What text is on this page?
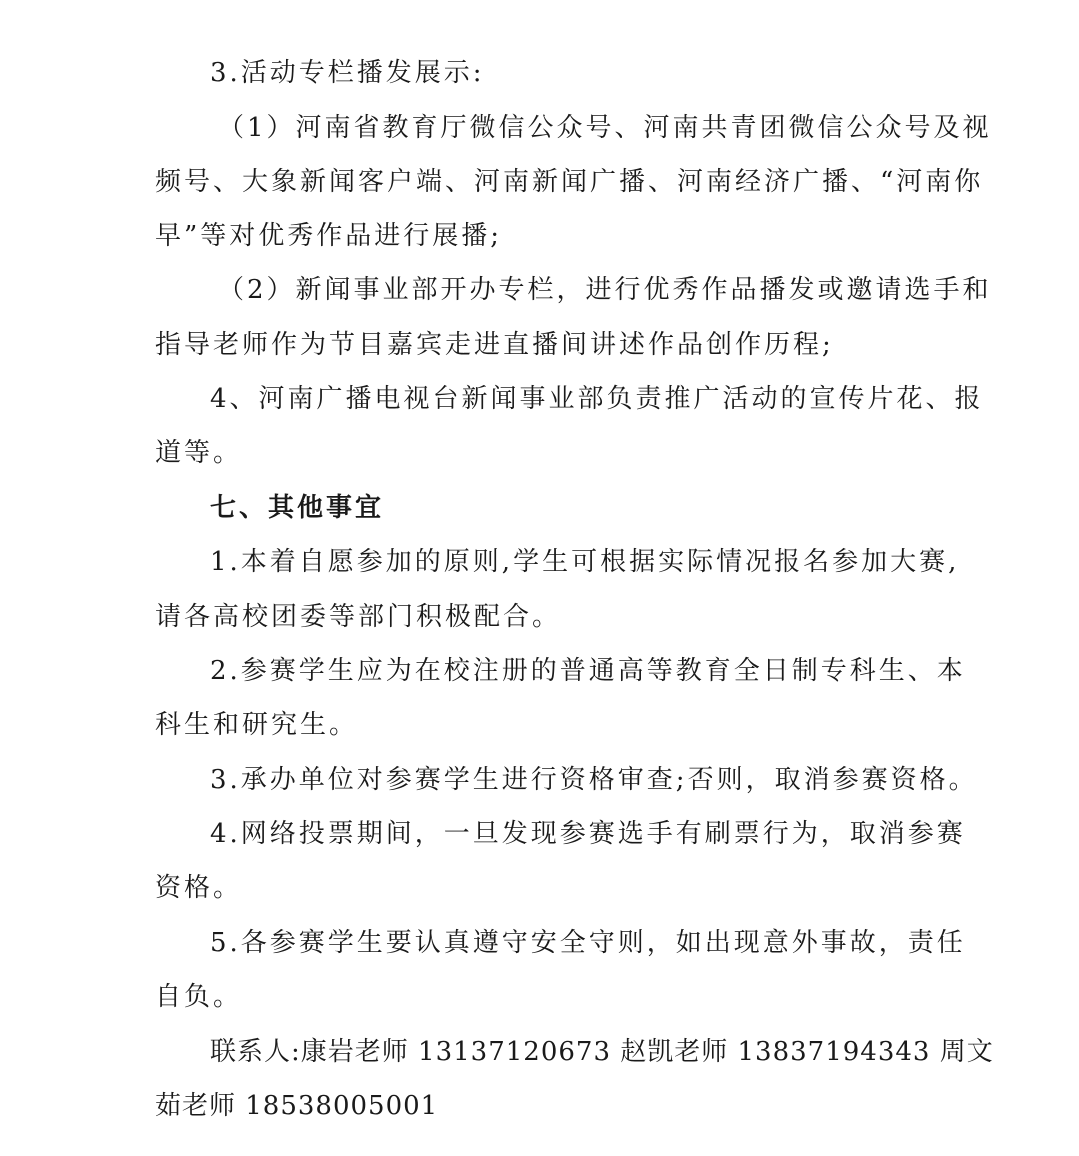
3.活动专栏播发展示:
（1）河南省教育厅微信公众号、河南共青团微信公众号及视
频号、大象新闻客户端、河南新闻广播、河南经济广播、“河南你
早”等对优秀作品进行展播;
（2）新闻事业部开办专栏，进行优秀作品播发或邀请选手和
指导老师作为节目嘉宾走进直播间讲述作品创作历程;
4、河南广播电视台新闻事业部负责推广活动的宣传片花、报
道等。
七、其他事宜
1.本着自愿参加的原则,学生可根据实际情况报名参加大赛,
请各高校团委等部门积极配合。
2.参赛学生应为在校注册的普通高等教育全日制专科生、本
科生和研究生。
3.承办单位对参赛学生进行资格审查;否则，取消参赛资格。
4.网络投票期间，一旦发现参赛选手有刷票行为，取消参赛
资格。
5.各参赛学生要认真遵守安全守则，如出现意外事故，责任
自负。
联系人:康岩老师 13137120673 赵凯老师 13837194343 周文
茹老师 18538005001
